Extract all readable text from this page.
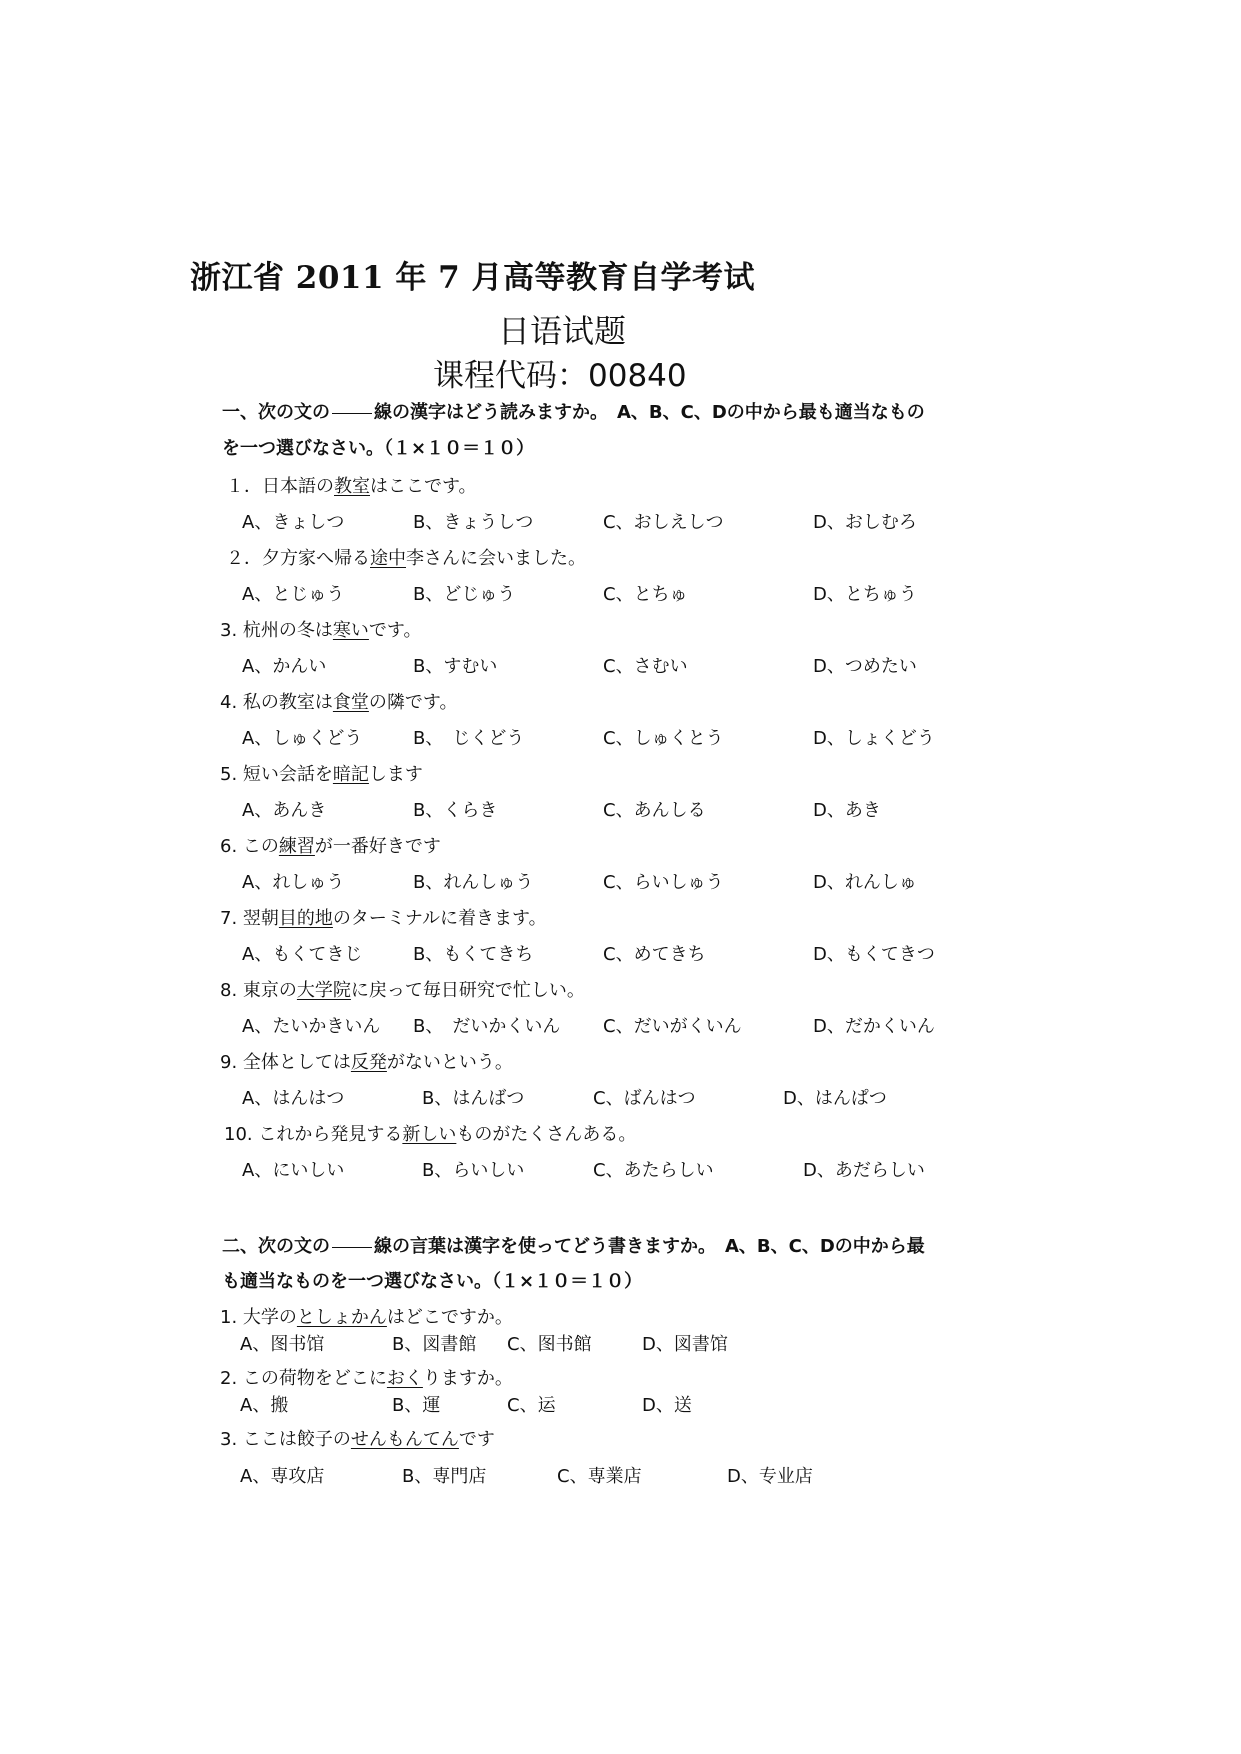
浙江省 2011 年 7 月高等教育自学考试
日语试题
课程代码：00840

一、次の文の 線の漢字はどう読みますか。　A、B、C、Dの中から最も適当なもの

を一つ選びなさい。（１×１０＝１０）

１．日本語の教室はここです。

A、きょしつ	B、きょうしつ	C、おしえしつ	D、おしむろ

２．夕方家へ帰る途中李さんに会いました。

A、とじゅう	B、どじゅう	C、とちゅ	D、とちゅう

3. 杭州の冬は寒いです。

A、かんい	B、すむい	C、さむい	D、つめたい

4. 私の教室は食堂の隣です。

A、しゅくどう	B、　じくどう	C、しゅくとう	D、しょくどう

5. 短い会話を暗記します

A、あんき	B、くらき	C、あんしる	D、あき

6. この練習が一番好きです

A、れしゅう	B、れんしゅう	C、らいしゅう	D、れんしゅ

7. 翌朝目的地のターミナルに着きます。

A、もくてきじ	B、もくてきち	C、めてきち	D、もくてきつ

8. 東京の大学院に戻って毎日研究で忙しい。

A、たいかきいん B、　だいかくいん C、だいがくいん	D、だかくいん

9. 全体としては反発がないという。

A、はんはつ	B、はんばつ	C、ばんはつ	D、はんぱつ

10. これから発見する新しいものがたくさんある。

A、にいしい	B、らいしい	C、あたらしい	D、あだらしい

二、次の文の 線の言葉は漢字を使ってどう書きますか。　A、B、C、Dの中から最

も適当なものを一つ選びなさい。（１×１０＝１０）

1. 大学のとしょかんはどこですか。

A、图书馆	B、図書館 C、图书館	D、図書馆

2. この荷物をどこにおくりますか。

A、搬	B、運	C、运	D、送

3. ここは餃子のせんもんてんです

A、専攻店	B、専門店	C、専業店	D、专业店
